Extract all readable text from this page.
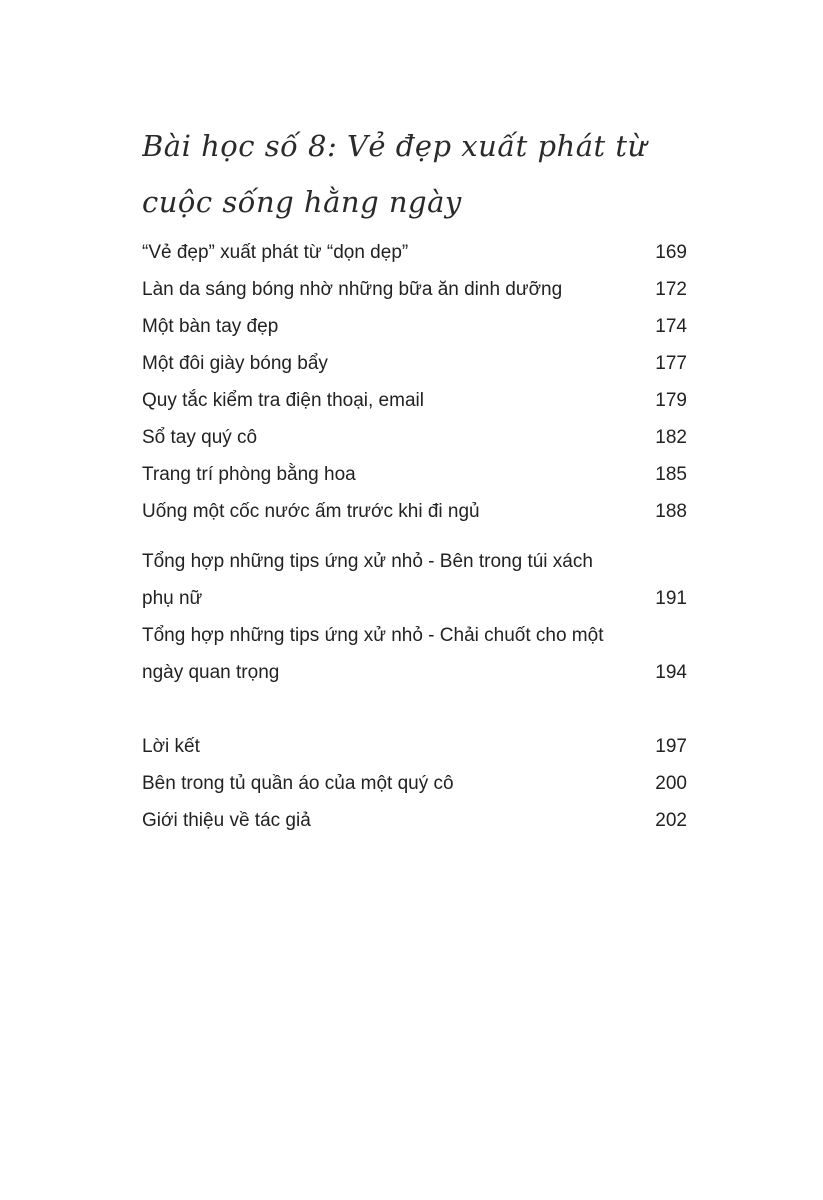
Bài học số 8: Vẻ đẹp xuất phát từ cuộc sống hằng ngày
“Vẻ đẹp” xuất phát từ “dọn dẹp”	169
Làn da sáng bóng nhờ những bữa ăn dinh dưỡng	172
Một bàn tay đẹp	174
Một đôi giày bóng bẩy	177
Quy tắc kiểm tra điện thoại, email	179
Sổ tay quý cô	182
Trang trí phòng bằng hoa	185
Uống một cốc nước ấm trước khi đi ngủ	188
Tổng hợp những tips ứng xử nhỏ - Bên trong túi xách phụ nữ	191
Tổng hợp những tips ứng xử nhỏ - Chải chuốt cho một ngày quan trọng	194
Lời kết	197
Bên trong tủ quần áo của một quý cô	200
Giới thiệu về tác giả	202
